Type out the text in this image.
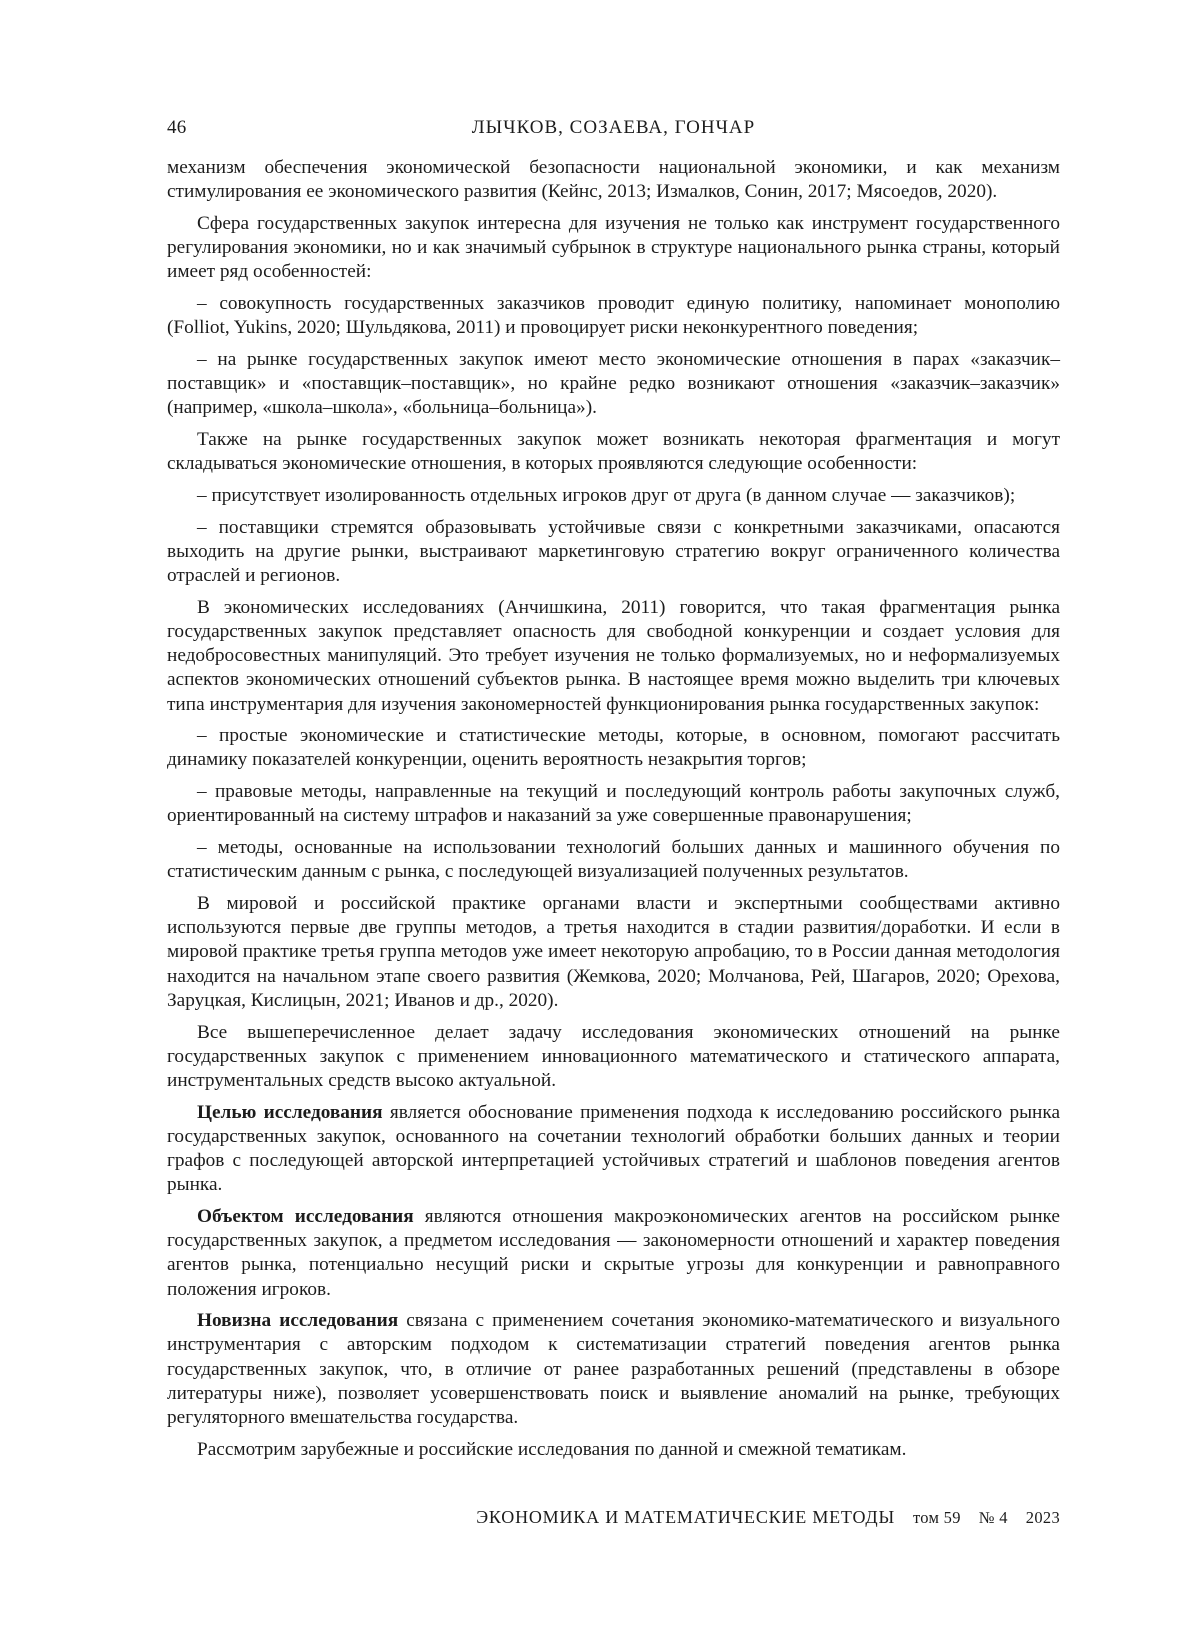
46	ЛЫЧКОВ, СОЗАЕВА, ГОНЧАР

механизм обеспечения экономической безопасности национальной экономики, и как механизм стимулирования ее экономического развития (Кейнс, 2013; Измалков, Сонин, 2017; Мясоедов, 2020).

Сфера государственных закупок интересна для изучения не только как инструмент государственного регулирования экономики, но и как значимый субрынок в структуре национального рынка страны, который имеет ряд особенностей:

– совокупность государственных заказчиков проводит единую политику, напоминает монополию (Folliot, Yukins, 2020; Шульдякова, 2011) и провоцирует риски неконкурентного поведения;

– на рынке государственных закупок имеют место экономические отношения в парах «заказчик–поставщик» и «поставщик–поставщик», но крайне редко возникают отношения «заказчик–заказчик» (например, «школа–школа», «больница–больница»).

Также на рынке государственных закупок может возникать некоторая фрагментация и могут складываться экономические отношения, в которых проявляются следующие особенности:

– присутствует изолированность отдельных игроков друг от друга (в данном случае — заказчиков);

– поставщики стремятся образовывать устойчивые связи с конкретными заказчиками, опасаются выходить на другие рынки, выстраивают маркетинговую стратегию вокруг ограниченного количества отраслей и регионов.

В экономических исследованиях (Анчишкина, 2011) говорится, что такая фрагментация рынка государственных закупок представляет опасность для свободной конкуренции и создает условия для недобросовестных манипуляций. Это требует изучения не только формализуемых, но и неформализуемых аспектов экономических отношений субъектов рынка. В настоящее время можно выделить три ключевых типа инструментария для изучения закономерностей функционирования рынка государственных закупок:

– простые экономические и статистические методы, которые, в основном, помогают рассчитать динамику показателей конкуренции, оценить вероятность незакрытия торгов;

– правовые методы, направленные на текущий и последующий контроль работы закупочных служб, ориентированный на систему штрафов и наказаний за уже совершенные правонарушения;

– методы, основанные на использовании технологий больших данных и машинного обучения по статистическим данным с рынка, с последующей визуализацией полученных результатов.

В мировой и российской практике органами власти и экспертными сообществами активно используются первые две группы методов, а третья находится в стадии развития/доработки. И если в мировой практике третья группа методов уже имеет некоторую апробацию, то в России данная методология находится на начальном этапе своего развития (Жемкова, 2020; Молчанова, Рей, Шагаров, 2020; Орехова, Заруцкая, Кислицын, 2021; Иванов и др., 2020).

Все вышеперечисленное делает задачу исследования экономических отношений на рынке государственных закупок с применением инновационного математического и статического аппарата, инструментальных средств высоко актуальной.

Целью исследования является обоснование применения подхода к исследованию российского рынка государственных закупок, основанного на сочетании технологий обработки больших данных и теории графов с последующей авторской интерпретацией устойчивых стратегий и шаблонов поведения агентов рынка.

Объектом исследования являются отношения макроэкономических агентов на российском рынке государственных закупок, а предметом исследования — закономерности отношений и характер поведения агентов рынка, потенциально несущий риски и скрытые угрозы для конкуренции и равноправного положения игроков.

Новизна исследования связана с применением сочетания экономико-математического и визуального инструментария с авторским подходом к систематизации стратегий поведения агентов рынка государственных закупок, что, в отличие от ранее разработанных решений (представлены в обзоре литературы ниже), позволяет усовершенствовать поиск и выявление аномалий на рынке, требующих регуляторного вмешательства государства.

Рассмотрим зарубежные и российские исследования по данной и смежной тематикам.

ЭКОНОМИКА И МАТЕМАТИЧЕСКИЕ МЕТОДЫ том 59 № 4 2023
